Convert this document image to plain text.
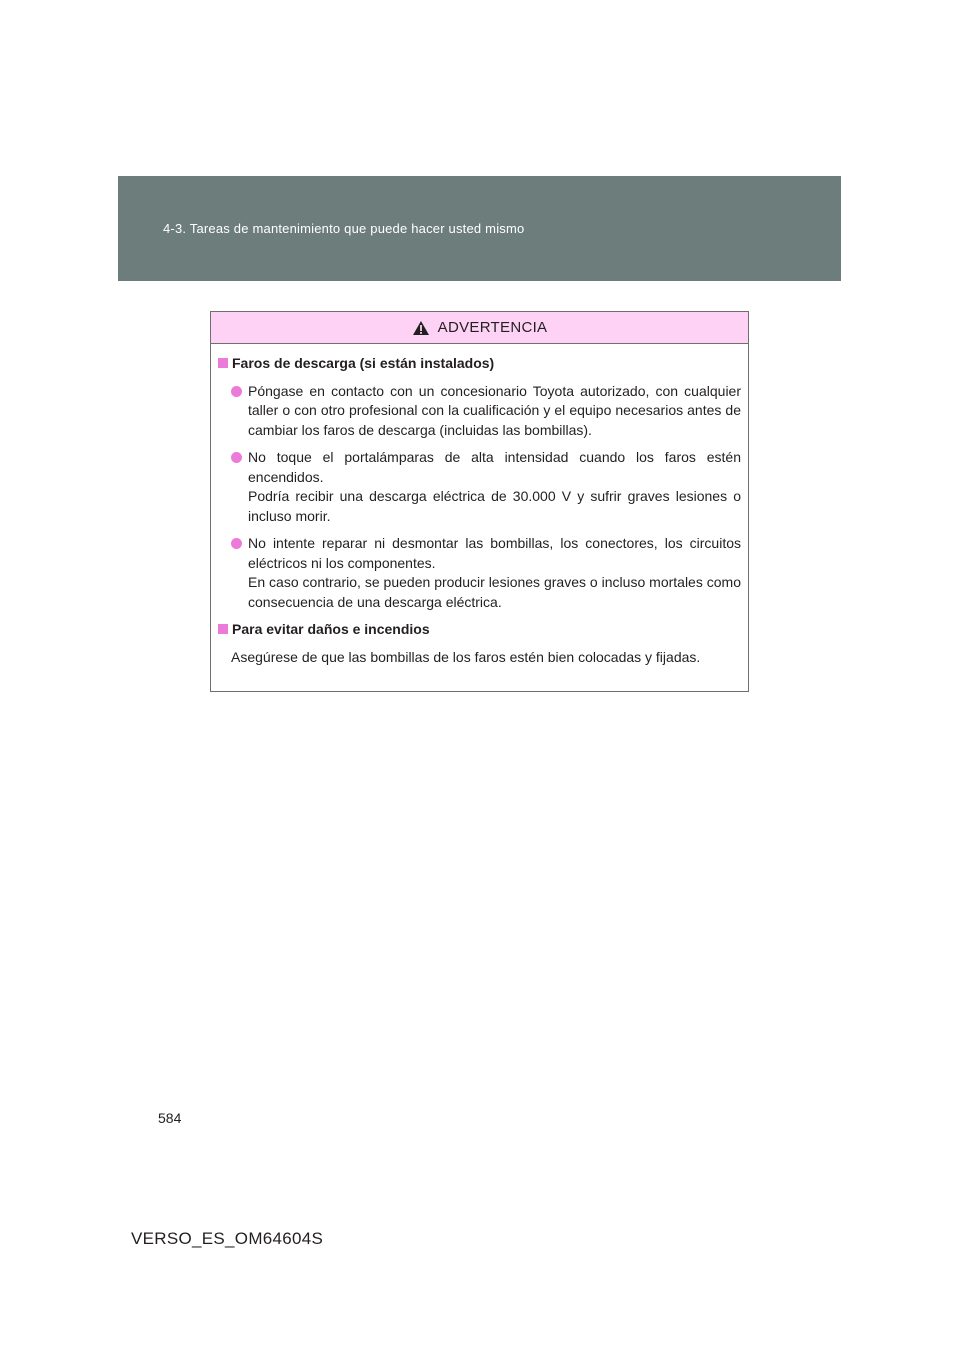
4-3. Tareas de mantenimiento que puede hacer usted mismo
ADVERTENCIA
Faros de descarga (si están instalados)
Póngase en contacto con un concesionario Toyota autorizado, con cualquier taller o con otro profesional con la cualificación y el equipo necesarios antes de cambiar los faros de descarga (incluidas las bombillas).
No toque el portalámparas de alta intensidad cuando los faros estén encendidos.
Podría recibir una descarga eléctrica de 30.000 V y sufrir graves lesiones o incluso morir.
No intente reparar ni desmontar las bombillas, los conectores, los circuitos eléctricos ni los componentes.
En caso contrario, se pueden producir lesiones graves o incluso mortales como consecuencia de una descarga eléctrica.
Para evitar daños e incendios

Asegúrese de que las bombillas de los faros estén bien colocadas y fijadas.

584
VERSO_ES_OM64604S
